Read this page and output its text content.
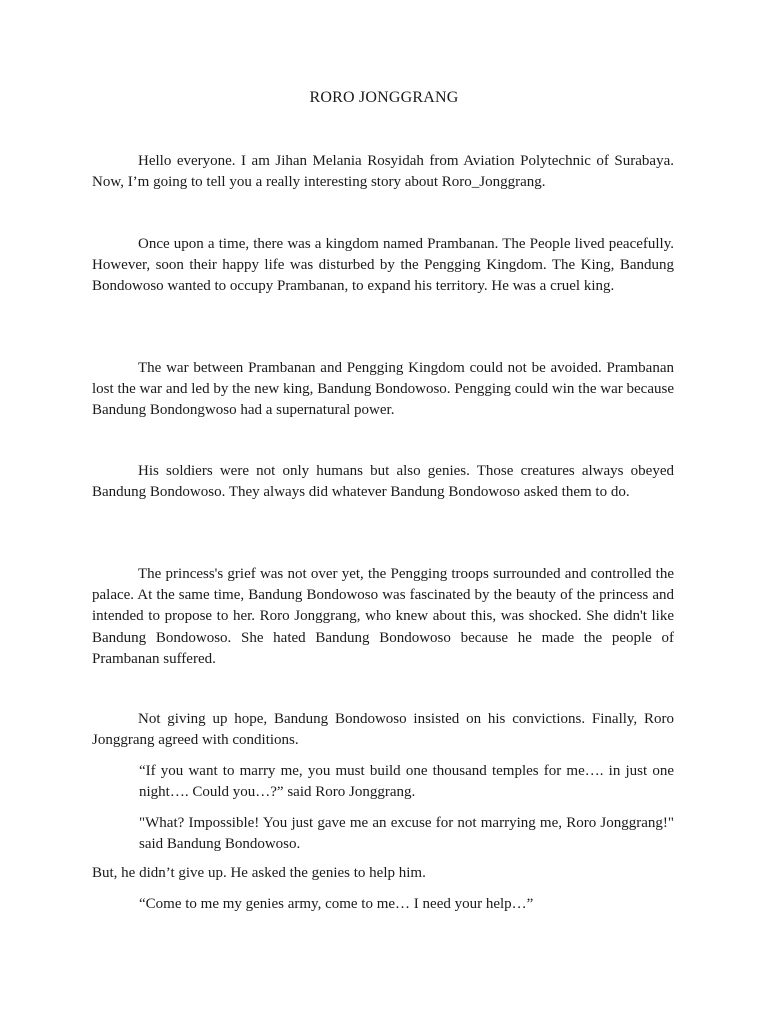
RORO JONGGRANG

Hello everyone. I am Jihan Melania Rosyidah from Aviation Polytechnic of Surabaya. Now, I’m going to tell you a really interesting story about Roro_Jonggrang.

Once upon a time, there was a kingdom named Prambanan. The People lived peacefully. However, soon their happy life was disturbed by the Pengging Kingdom. The King, Bandung Bondowoso wanted to occupy Prambanan, to expand his territory. He was a cruel king.

The war between Prambanan and Pengging Kingdom could not be avoided. Prambanan lost the war and led by the new king, Bandung Bondowoso. Pengging could win the war because Bandung Bondongwoso had a supernatural power.

His soldiers were not only humans but also genies. Those creatures always obeyed Bandung Bondowoso. They always did whatever Bandung Bondowoso asked them to do.

The princess's grief was not over yet, the Pengging troops surrounded and controlled the palace. At the same time, Bandung Bondowoso was fascinated by the beauty of the princess and intended to propose to her. Roro Jonggrang, who knew about this, was shocked. She didn't like Bandung Bondowoso. She hated Bandung Bondowoso because he made the people of Prambanan suffered.

Not giving up hope, Bandung Bondowoso insisted on his convictions. Finally, Roro Jonggrang agreed with conditions.

“If you want to marry me, you must build one thousand temples for me…. in just one night…. Could you…?” said Roro Jonggrang.

"What? Impossible! You just gave me an excuse for not marrying me, Roro Jonggrang!" said Bandung Bondowoso.

But, he didn’t give up. He asked the genies to help him.

“Come to me my genies army, come to me… I need your help…”
